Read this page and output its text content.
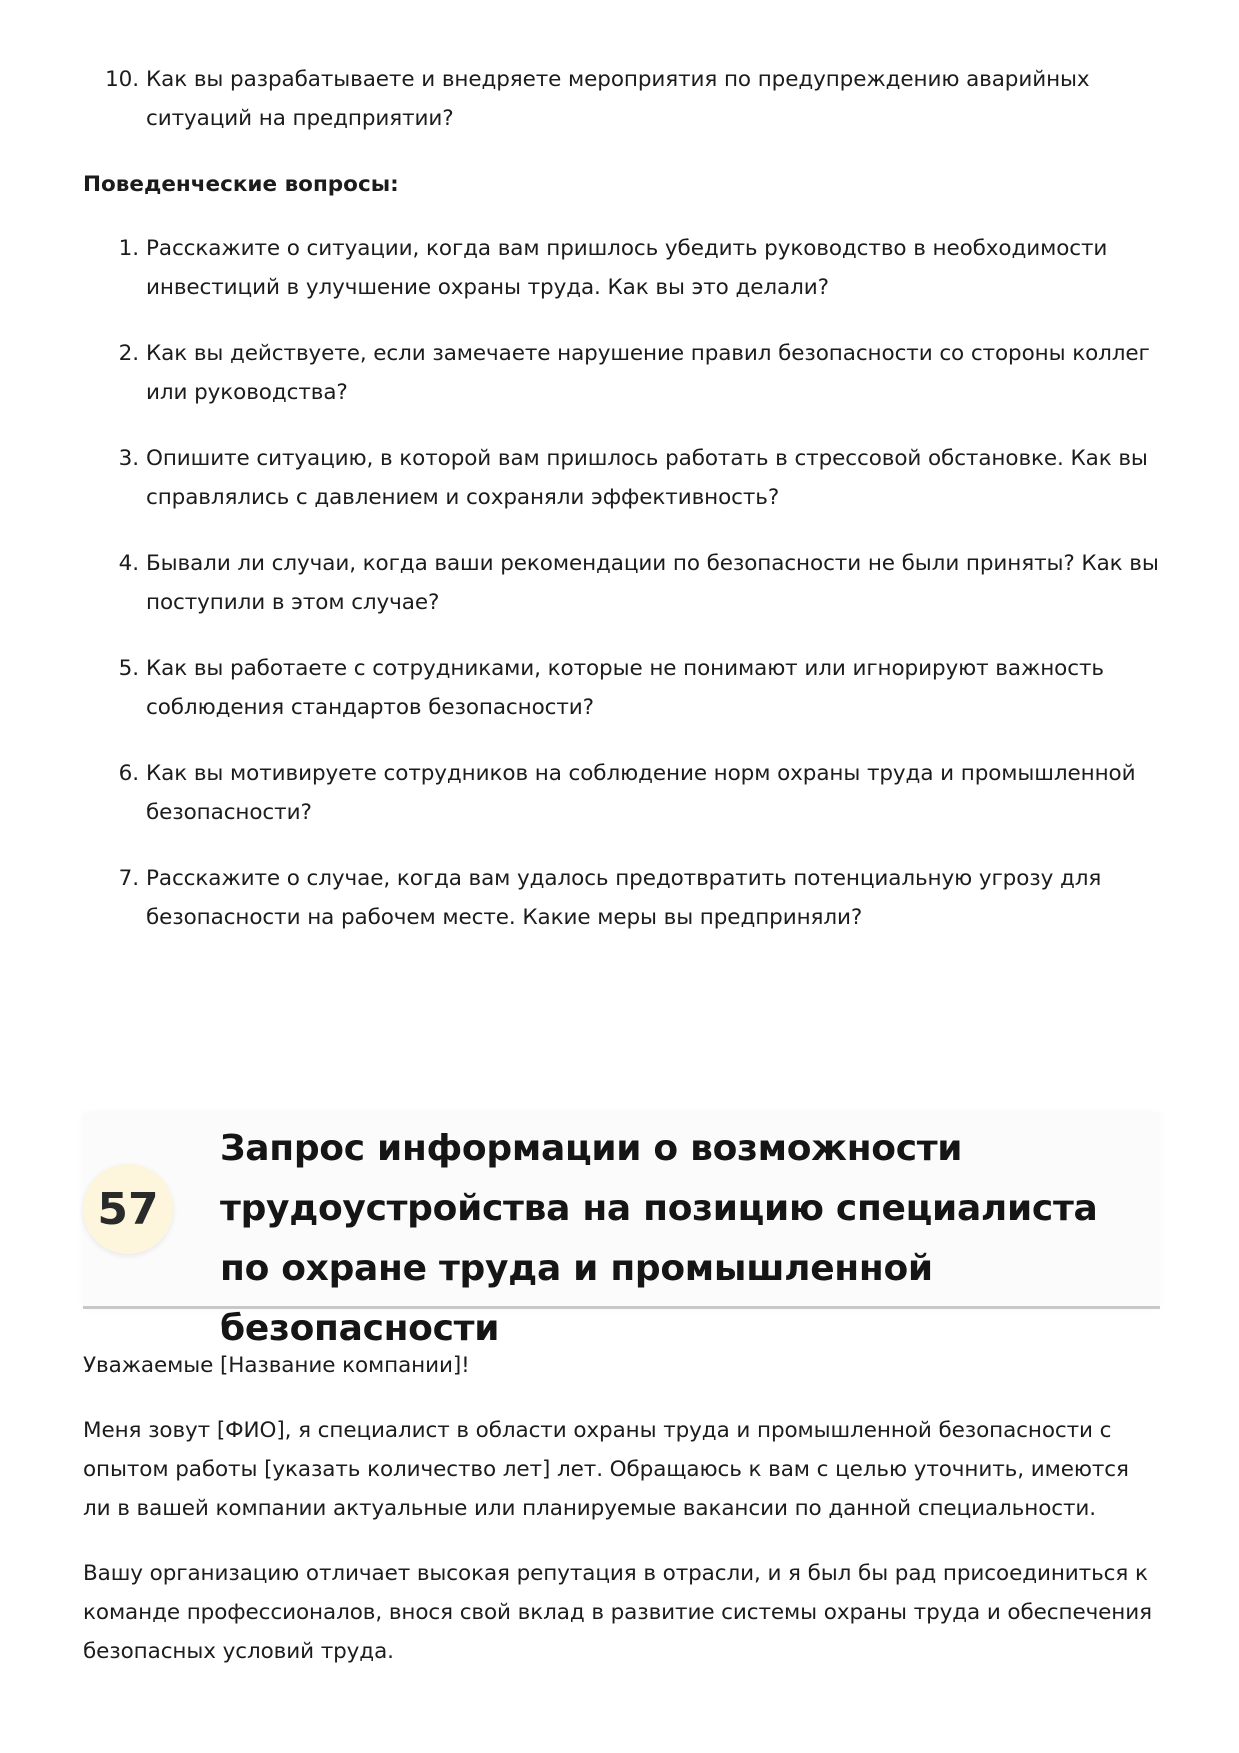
10. Как вы разрабатываете и внедряете мероприятия по предупреждению аварийных ситуаций на предприятии?
Поведенческие вопросы:
1. Расскажите о ситуации, когда вам пришлось убедить руководство в необходимости инвестиций в улучшение охраны труда. Как вы это делали?
2. Как вы действуете, если замечаете нарушение правил безопасности со стороны коллег или руководства?
3. Опишите ситуацию, в которой вам пришлось работать в стрессовой обстановке. Как вы справлялись с давлением и сохраняли эффективность?
4. Бывали ли случаи, когда ваши рекомендации по безопасности не были приняты? Как вы поступили в этом случае?
5. Как вы работаете с сотрудниками, которые не понимают или игнорируют важность соблюдения стандартов безопасности?
6. Как вы мотивируете сотрудников на соблюдение норм охраны труда и промышленной безопасности?
7. Расскажите о случае, когда вам удалось предотвратить потенциальную угрозу для безопасности на рабочем месте. Какие меры вы предприняли?
57
Запрос информации о возможности трудоустройства на позицию специалиста по охране труда и промышленной безопасности

Уважаемые [Название компании]!

Меня зовут [ФИО], я специалист в области охраны труда и промышленной безопасности с опытом работы [указать количество лет] лет. Обращаюсь к вам с целью уточнить, имеются ли в вашей компании актуальные или планируемые вакансии по данной специальности.

Вашу организацию отличает высокая репутация в отрасли, и я был бы рад присоединиться к команде профессионалов, внося свой вклад в развитие системы охраны труда и обеспечения безопасных условий труда.
